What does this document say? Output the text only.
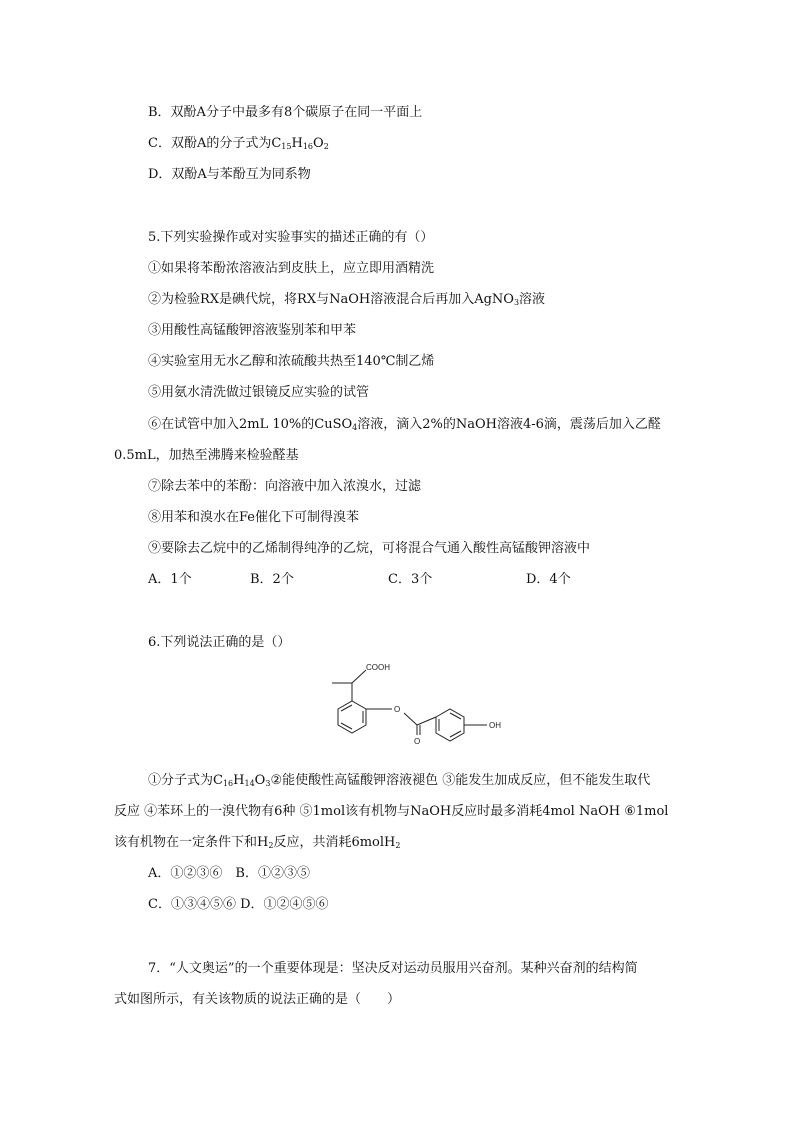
B．双酚A分子中最多有8个碳原子在同一平面上
C．双酚A的分子式为$C_{15}H_{16}O_2$
D．双酚A与苯酚互为同系物
5.下列实验操作或对实验事实的描述正确的有（）
①如果将苯酚浓溶液沾到皮肤上，应立即用酒精洗
②为检验RX是碘代烷，将RX与NaOH溶液混合后再加入AgNO$_3$溶液
③用酸性高锰酸钾溶液鉴别苯和甲苯
④实验室用无水乙醇和浓硫酸共热至140℃制乙烯
⑤用氨水清洗做过银镜反应实验的试管
⑥在试管中加入2mL 10%的CuSO$_4$溶液，滴入2%的NaOH溶液4-6滴，震荡后加入乙醛
0.5mL，加热至沸腾来检验醛基
⑦除去苯中的苯酚：向溶液中加入浓溴水，过滤
⑧用苯和溴水在Fe催化下可制得溴苯
⑨要除去乙烷中的乙烯制得纯净的乙烷，可将混合气通入酸性高锰酸钾溶液中
A．1个	B．2个	C．3个	D．4个
6.下列说法正确的是（）
COOH
O
O
OH
①分子式为$C_{16}H_{14}O_3②$能使酸性高锰酸钾溶液褪色 ③能发生加成反应，但不能发生取代
反应 ④苯环上的一溴代物有6种 ⑤1mol该有机物与NaOH反应时最多消耗4mol NaOH ⑥1mol
该有机物在一定条件下和$H_2$反应，共消耗6molH$_2$
A．①②③⑥　 B．①②③⑤
C．①③④⑤⑥ D．①②④⑤⑥
7．“人文奥运”的一个重要体现是：坚决反对运动员服用兴奋剂。某种兴奋剂的结构简
式如图所示，有关该物质的说法正确的是（　　）
